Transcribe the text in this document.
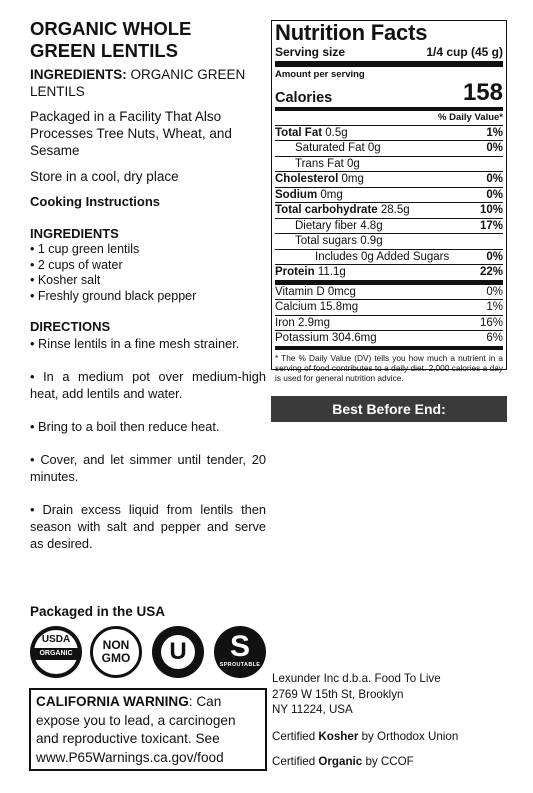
ORGANIC WHOLE
GREEN LENTILS
INGREDIENTS: ORGANIC GREEN LENTILS
Packaged in a Facility That Also Processes Tree Nuts, Wheat, and Sesame
Store in a cool, dry place
Cooking Instructions
INGREDIENTS
• 1 cup green lentils
• 2 cups of water
• Kosher salt
• Freshly ground black pepper
DIRECTIONS
• Rinse lentils in a fine mesh strainer.
• In a medium pot over medium-high heat, add lentils and water.
• Bring to a boil then reduce heat.
• Cover, and let simmer until tender, 20 minutes.
• Drain excess liquid from lentils then season with salt and pepper and serve as desired.
Packaged in the USA
USDA
ORGANIC
NON
GMO	U	S
SPROUTABLE
CALIFORNIA WARNING: Can expose you to lead, a carcinogen and reproductive toxicant. See www.P65Warnings.ca.gov/food
Nutrition Facts
Serving size	1/4 cup (45 g)
Amount per serving
Calories	158
% Daily Value*
Total Fat 0.5g	1%
Saturated Fat 0g	0%
Trans Fat 0g
Cholesterol 0mg	0%
Sodium 0mg	0%
Total carbohydrate 28.5g	10%
Dietary fiber 4.8g	17%
Total sugars 0.9g
Includes 0g Added Sugars	0%
Protein 11.1g	22%
Vitamin D 0mcg	0%
Calcium 15.8mg	1%
Iron 2.9mg	16%
Potassium 304.6mg	6%
* The % Daily Value (DV) tells you how much a nutrient in a serving of food contributes to a daily diet. 2,000 calories a day is used for general nutrition advice.
Best Before End:
Lexunder Inc d.b.a. Food To Live
2769 W 15th St, Brooklyn
NY 11224, USA
Certified Kosher by Orthodox Union
Certified Organic by CCOF
